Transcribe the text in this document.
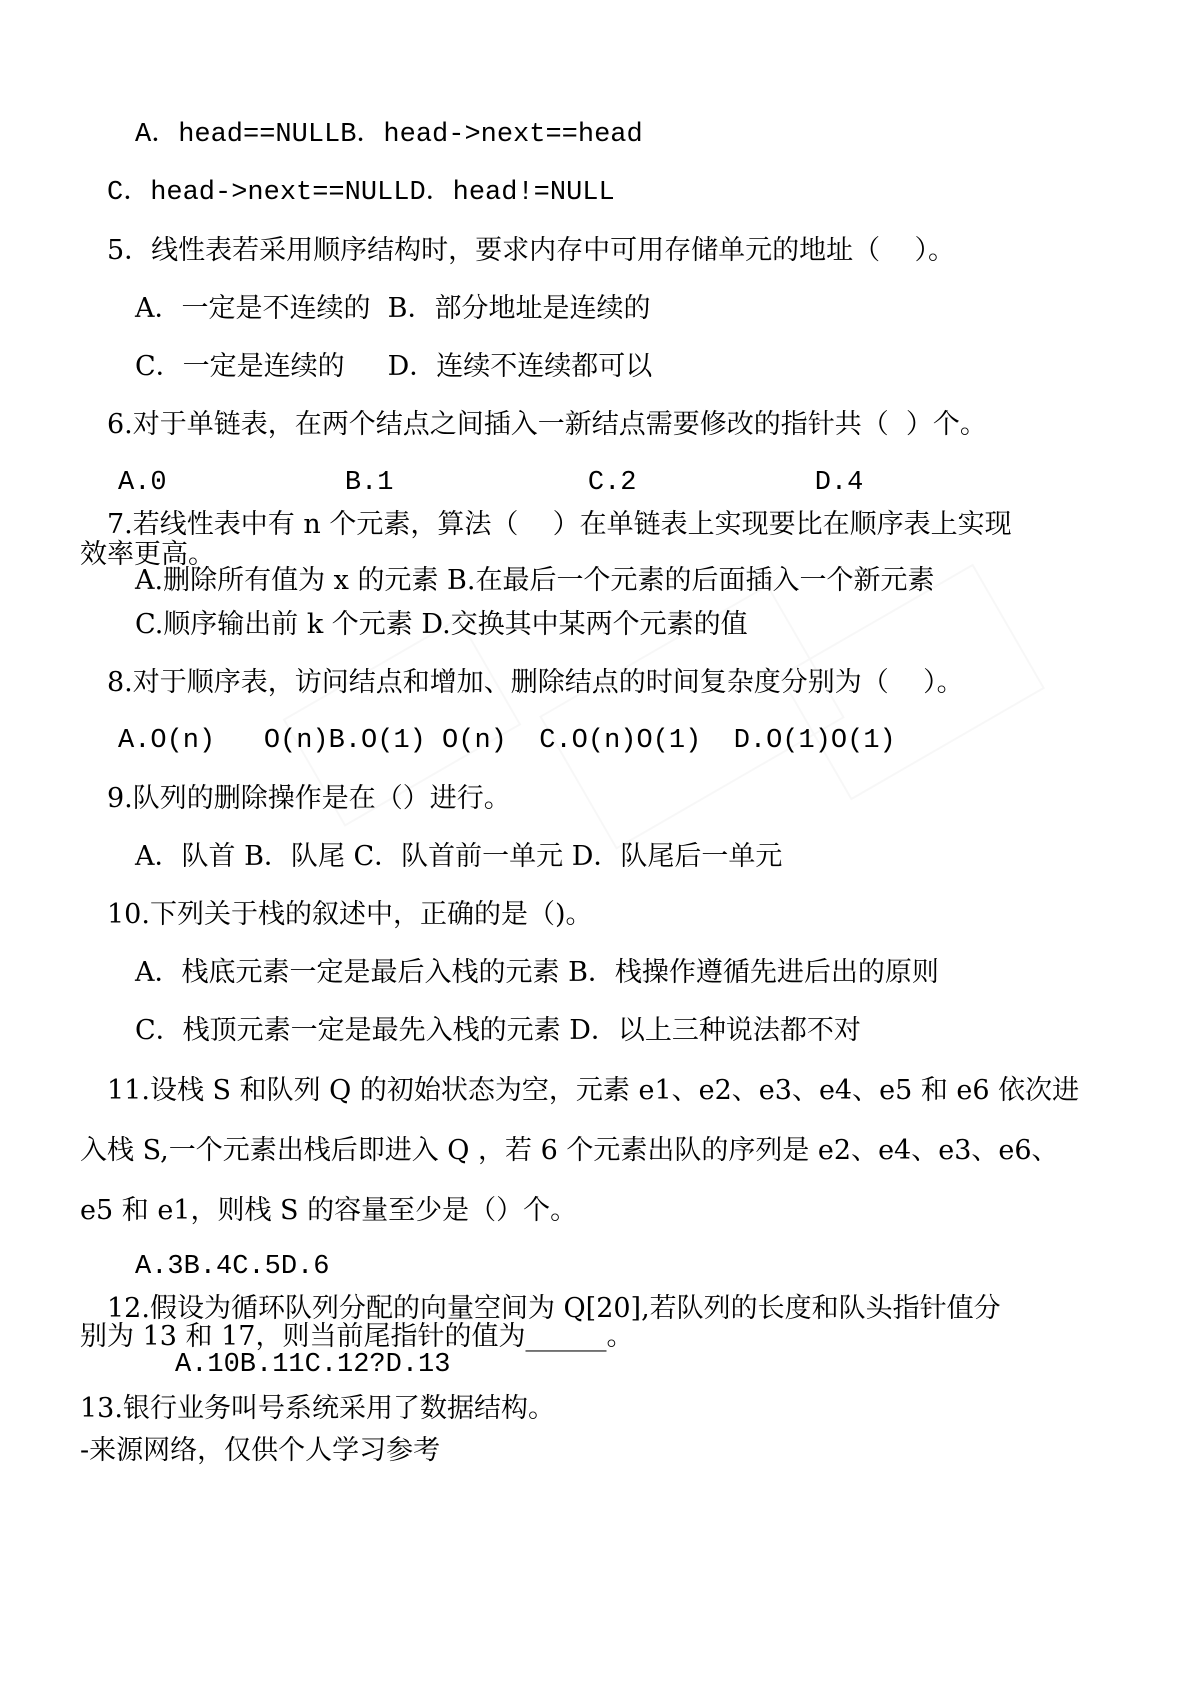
A．head==NULLB．head->next==head
C．head->next==NULLD．head!=NULL
5．线性表若采用顺序结构时，要求内存中可用存储单元的地址（    ）。
A．一定是不连续的  B．部分地址是连续的
C．一定是连续的     D．连续不连续都可以
6.对于单链表，在两个结点之间插入一新结点需要修改的指针共（  ）个。
A.0           B.1            C.2           D.4
7.若线性表中有 n 个元素，算法（    ）在单链表上实现要比在顺序表上实现
效率更高。
A.删除所有值为 x 的元素 B.在最后一个元素的后面插入一个新元素
C.顺序输出前 k 个元素 D.交换其中某两个元素的值
8.对于顺序表，访问结点和增加、删除结点的时间复杂度分别为（    ）。
A.O(n)   O(n)B.O(1) O(n)  C.O(n)O(1)  D.O(1)O(1)
9.队列的删除操作是在（）进行。
A．队首 B．队尾 C．队首前一单元 D．队尾后一单元
10.下列关于栈的叙述中，正确的是（)。
A．栈底元素一定是最后入栈的元素 B．栈操作遵循先进后出的原则
C．栈顶元素一定是最先入栈的元素 D．以上三种说法都不对
11.设栈 S 和队列 Q 的初始状态为空，元素 e1、e2、e3、e4、e5 和 e6 依次进
入栈 S,一个元素出栈后即进入 Q ，若 6 个元素出队的序列是 e2、e4、e3、e6、
e5 和 e1，则栈 S 的容量至少是（）个。
A.3B.4C.5D.6
12.假设为循环队列分配的向量空间为 Q[20],若队列的长度和队头指针值分
别为 13 和 17，则当前尾指针的值为______。
A.10B.11C.12?D.13
13.银行业务叫号系统采用了数据结构。
-来源网络，仅供个人学习参考
